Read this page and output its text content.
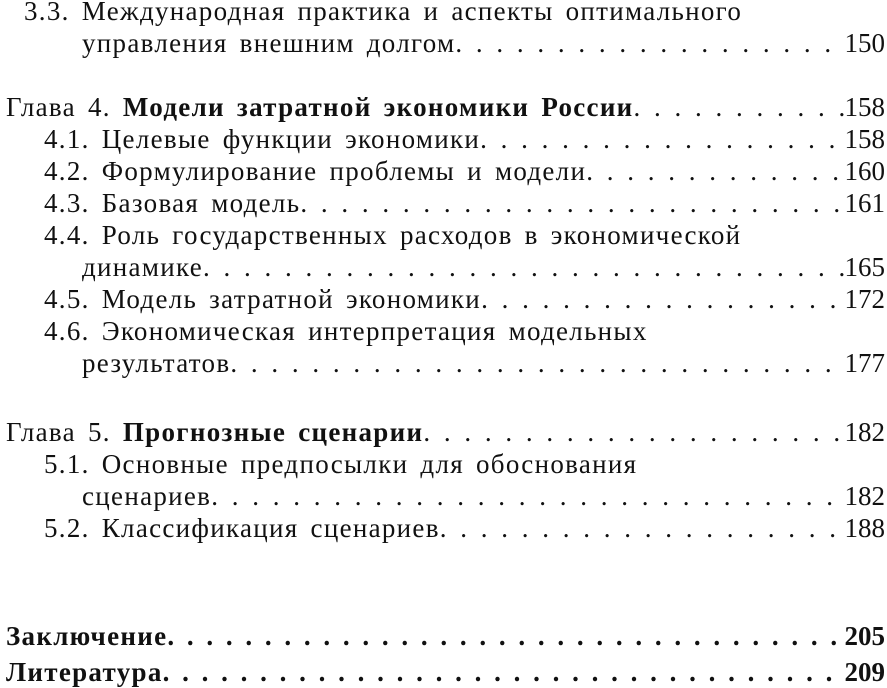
3.3. Международная практика и аспекты оптимального
управления внешним долгом . . .	150
Глава 4. Модели затратной экономики России . . .	158
4.1. Целевые функции экономики . . .	158
4.2. Формулирование проблемы и модели . . .	160
4.3. Базовая модель . . .	161
4.4. Роль государственных расходов в экономической
динамике . . .	165
4.5. Модель затратной экономики . . .	172
4.6. Экономическая интерпретация модельных
результатов . . .	177
Глава 5. Прогнозные сценарии . . .	182
5.1. Основные предпосылки для обоснования
сценариев . . .	182
5.2. Классификация сценариев . . .	188
Заключение . . .	205
Литература . . .	209
